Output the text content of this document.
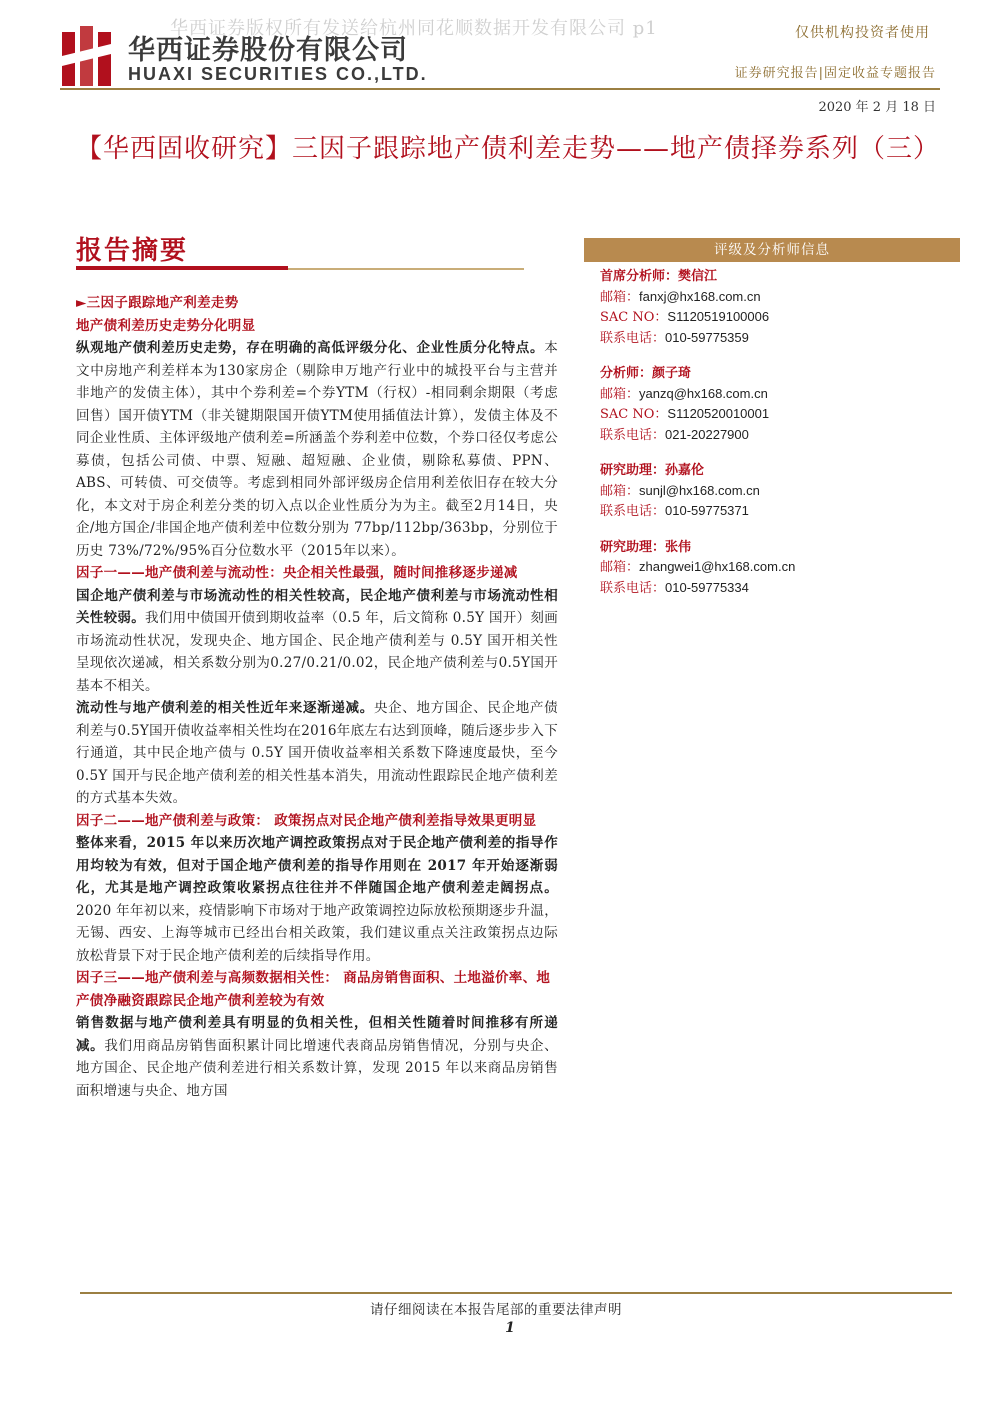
华西证券版权所有发送给杭州同花顺数据开发有限公司 p1
华西证券股份有限公司
HUAXI SECURITIES CO.,LTD.
仅供机构投资者使用
证券研究报告|固定收益专题报告
2020 年 2 月 18 日
【华西固收研究】三因子跟踪地产债利差走势——地产债择券系列（三）
报告摘要
►三因子跟踪地产利差走势
地产债利差历史走势分化明显
纵观地产债利差历史走势，存在明确的高低评级分化、企业性质分化特点。本文中房地产利差样本为130家房企（剔除申万地产行业中的城投平台与主营并非地产的发债主体），其中个券利差=个券YTM（行权）-相同剩余期限（考虑回售）国开债YTM（非关键期限国开债YTM使用插值法计算），发债主体及不同企业性质、主体评级地产债利差=所涵盖个券利差中位数，个券口径仅考虑公募债，包括公司债、中票、短融、超短融、企业债，剔除私募债、PPN、ABS、可转债、可交债等。考虑到相同外部评级房企信用利差依旧存在较大分化，本文对于房企利差分类的切入点以企业性质分为为主。截至2月14日，央企/地方国企/非国企地产债利差中位数分别为 77bp/112bp/363bp，分别位于历史 73%/72%/95%百分位数水平（2015年以来）。
因子一——地产债利差与流动性：央企相关性最强，随时间推移逐步递减
国企地产债利差与市场流动性的相关性较高，民企地产债利差与市场流动性相关性较弱。我们用中债国开债到期收益率（0.5 年，后文简称 0.5Y 国开）刻画市场流动性状况，发现央企、地方国企、民企地产债利差与 0.5Y 国开相关性呈现依次递减，相关系数分别为0.27/0.21/0.02，民企地产债利差与0.5Y国开基本不相关。
流动性与地产债利差的相关性近年来逐渐递减。央企、地方国企、民企地产债利差与0.5Y国开债收益率相关性均在2016年底左右达到顶峰，随后逐步步入下行通道，其中民企地产债与 0.5Y 国开债收益率相关系数下降速度最快，至今 0.5Y 国开与民企地产债利差的相关性基本消失，用流动性跟踪民企地产债利差的方式基本失效。
因子二——地产债利差与政策： 政策拐点对民企地产债利差指导效果更明显
整体来看，2015 年以来历次地产调控政策拐点对于民企地产债利差的指导作用均较为有效，但对于国企地产债利差的指导作用则在 2017 年开始逐渐弱化，尤其是地产调控政策收紧拐点往往并不伴随国企地产债利差走阔拐点。2020 年年初以来，疫情影响下市场对于地产政策调控边际放松预期逐步升温，无锡、西安、上海等城市已经出台相关政策，我们建议重点关注政策拐点边际放松背景下对于民企地产债利差的后续指导作用。
因子三——地产债利差与高频数据相关性： 商品房销售面积、土地溢价率、地产债净融资跟踪民企地产债利差较为有效
销售数据与地产债利差具有明显的负相关性，但相关性随着时间推移有所递减。我们用商品房销售面积累计同比增速代表商品房销售情况，分别与央企、地方国企、民企地产债利差进行相关系数计算，发现 2015 年以来商品房销售面积增速与央企、地方国
评级及分析师信息
首席分析师：樊信江
邮箱：fanxj@hx168.com.cn
SAC NO：S1120519100006
联系电话：010-59775359
分析师：颜子琦
邮箱：yanzq@hx168.com.cn
SAC NO：S1120520010001
联系电话：021-20227900
研究助理：孙嘉伦
邮箱：sunjl@hx168.com.cn
联系电话：010-59775371
研究助理：张伟
邮箱：zhangwei1@hx168.com.cn
联系电话：010-59775334
请仔细阅读在本报告尾部的重要法律声明
1
